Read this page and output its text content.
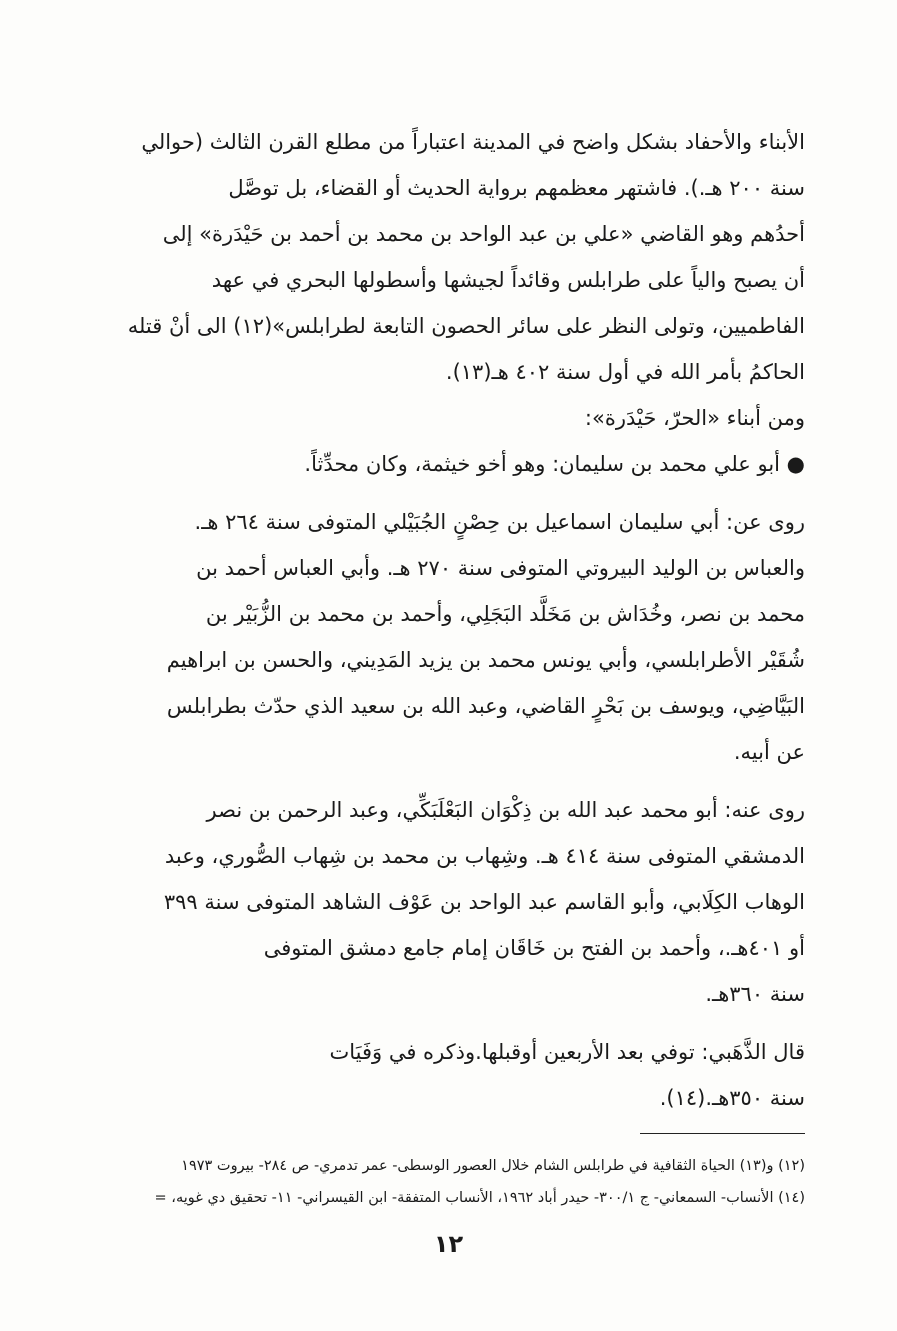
الأبناء والأحفاد بشكل واضح في المدينة اعتباراً من مطلع القرن الثالث (حوالي
سنة ٢٠٠ هـ.). فاشتهر معظمهم برواية الحديث أو القضاء، بل توصَّل
أحدُهم وهو القاضي «علي بن عبد الواحد بن محمد بن أحمد بن حَيْدَرة» إلى
أن يصبح والياً على طرابلس وقائداً لجيشها وأسطولها البحري في عهد
الفاطميين، وتولى النظر على سائر الحصون التابعة لطرابلس»(١٢) الى أنْ قتله
الحاكمُ بأمر الله في أول سنة ٤٠٢ هـ(١٣).
ومن أبناء «الحرّ، حَيْدَرة»:
● أبو علي محمد بن سليمان: وهو أخو خيثمة، وكان محدِّثاً.
روى عن: أبي سليمان اسماعيل بن حِصْنٍ الجُبَيْلي المتوفى سنة ٢٦٤ هـ.
والعباس بن الوليد البيروتي المتوفى سنة ٢٧٠ هـ. وأبي العباس أحمد بن
محمد بن نصر، وخُدَاش بن مَخَلَّد البَجَلِي، وأحمد بن محمد بن الزُّبَيْر بن
شُقَيْر الأطرابلسي، وأبي يونس محمد بن يزيد المَدِيني، والحسن بن ابراهيم
البَيَّاضِي، ويوسف بن بَحْرٍ القاضي، وعبد الله بن سعيد الذي حدّث بطرابلس
عن أبيه.
روى عنه: أبو محمد عبد الله بن ذِكْوَان البَعْلَبَكِّي، وعبد الرحمن بن نصر
الدمشقي المتوفى سنة ٤١٤ هـ. وشِهاب بن محمد بن شِهاب الصُّوري، وعبد
الوهاب الكِلَابي، وأبو القاسم عبد الواحد بن عَوْف الشاهد المتوفى سنة ٣٩٩
أو ٤٠١هـ.، وأحمد بن الفتح بن خَاقَان إمام جامع دمشق المتوفى
سنة ٣٦٠هـ.
قال الذَّهَبي: توفي بعد الأربعين أوقبلها.وذكره في وَفَيَات
سنة ٣٥٠هـ.(١٤).
(١٢) و(١٣) الحياة الثقافية في طرابلس الشام خلال العصور الوسطى- عمر تدمري- ص ٢٨٤- بيروت ١٩٧٣
(١٤) الأنساب- السمعاني- ج ٣٠٠/١- حيدر أباد ١٩٦٢، الأنساب المتفقة- ابن القيسراني- ١١- تحقيق دي غويه، =
١٢
